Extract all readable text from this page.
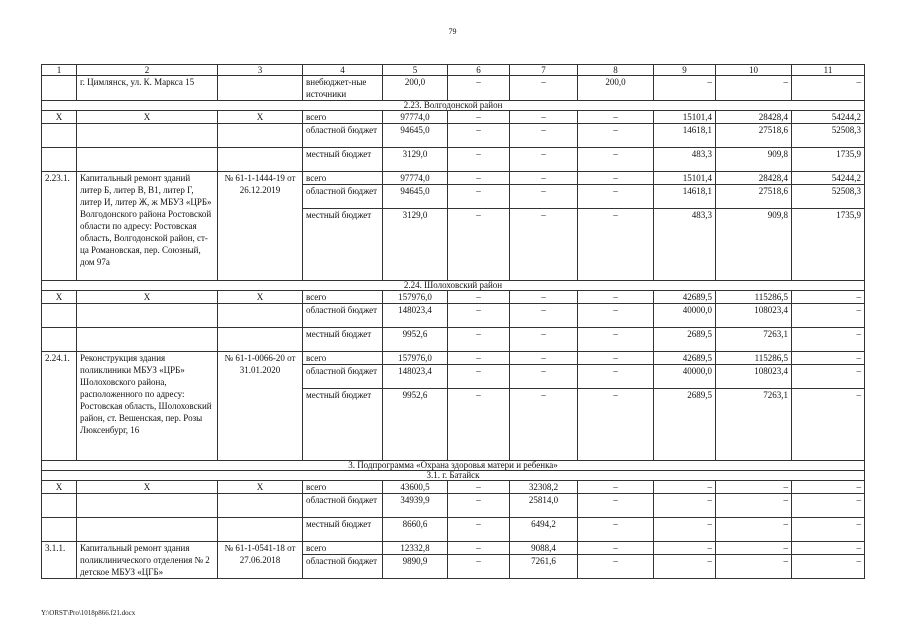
79
1	2	3	4	5	6	7	8	9	10	11
	г. Цимлянск, ул. К. Маркса 15		внебюджет-ные источники	200,0	–	–	200,0	–	–	–
2.23. Волгодонской район										
Х	Х	Х	всего	97774,0	–	–	–	15101,4	28428,4	54244,2
			областной бюджет	94645,0	–	–	–	14618,1	27518,6	52508,3
			местный бюджет	3129,0	–	–	–	483,3	909,8	1735,9
2.23.1.	Капитальный ремонт зданий литер Б, литер В, В1, литер Г, литер И, литер Ж, ж МБУЗ «ЦРБ» Волгодонского района Ростовской области по адресу: Ростовская область, Волгодонской район, ст-ца Романовская, пер. Союзный, дом 97а	№ 61-1-1444-19 от 26.12.2019	всего	97774,0	–	–	–	15101,4	28428,4	54244,2
			областной бюджет	94645,0	–	–	–	14618,1	27518,6	52508,3
			местный бюджет	3129,0	–	–	–	483,3	909,8	1735,9
2.24. Шолоховский район										
Х	Х	Х	всего	157976,0	–	–	–	42689,5	115286,5	–
			областной бюджет	148023,4	–	–	–	40000,0	108023,4	–
			местный бюджет	9952,6	–	–	–	2689,5	7263,1	–
2.24.1.	Реконструкция здания поликлиники МБУЗ «ЦРБ» Шолоховского района, расположенного по адресу: Ростовская область, Шолоховский район, ст. Вешенская, пер. Розы Люксенбург, 16	№ 61-1-0066-20 от 31.01.2020	всего	157976,0	–	–	–	42689,5	115286,5	–
			областной бюджет	148023,4	–	–	–	40000,0	108023,4	–
			местный бюджет	9952,6	–	–	–	2689,5	7263,1	–
3. Подпрограмма «Охрана здоровья матери и ребенка»										
3.1. г. Батайск										
Х	Х	Х	всего	43600,5	–	32308,2	–	–	–	–
			областной бюджет	34939,9	–	25814,0	–	–	–	–
			местный бюджет	8660,6	–	6494,2	–	–	–	–
3.1.1.	Капитальный ремонт здания поликлинического отделения № 2 детское МБУЗ «ЦГБ»	№ 61-1-0541-18 от 27.06.2018	всего	12332,8	–	9088,4	–	–	–	–
			областной бюджет	9890,9	–	7261,6	–	–	–	–
Y:\ORST\Pro\1018p866.f21.docx
